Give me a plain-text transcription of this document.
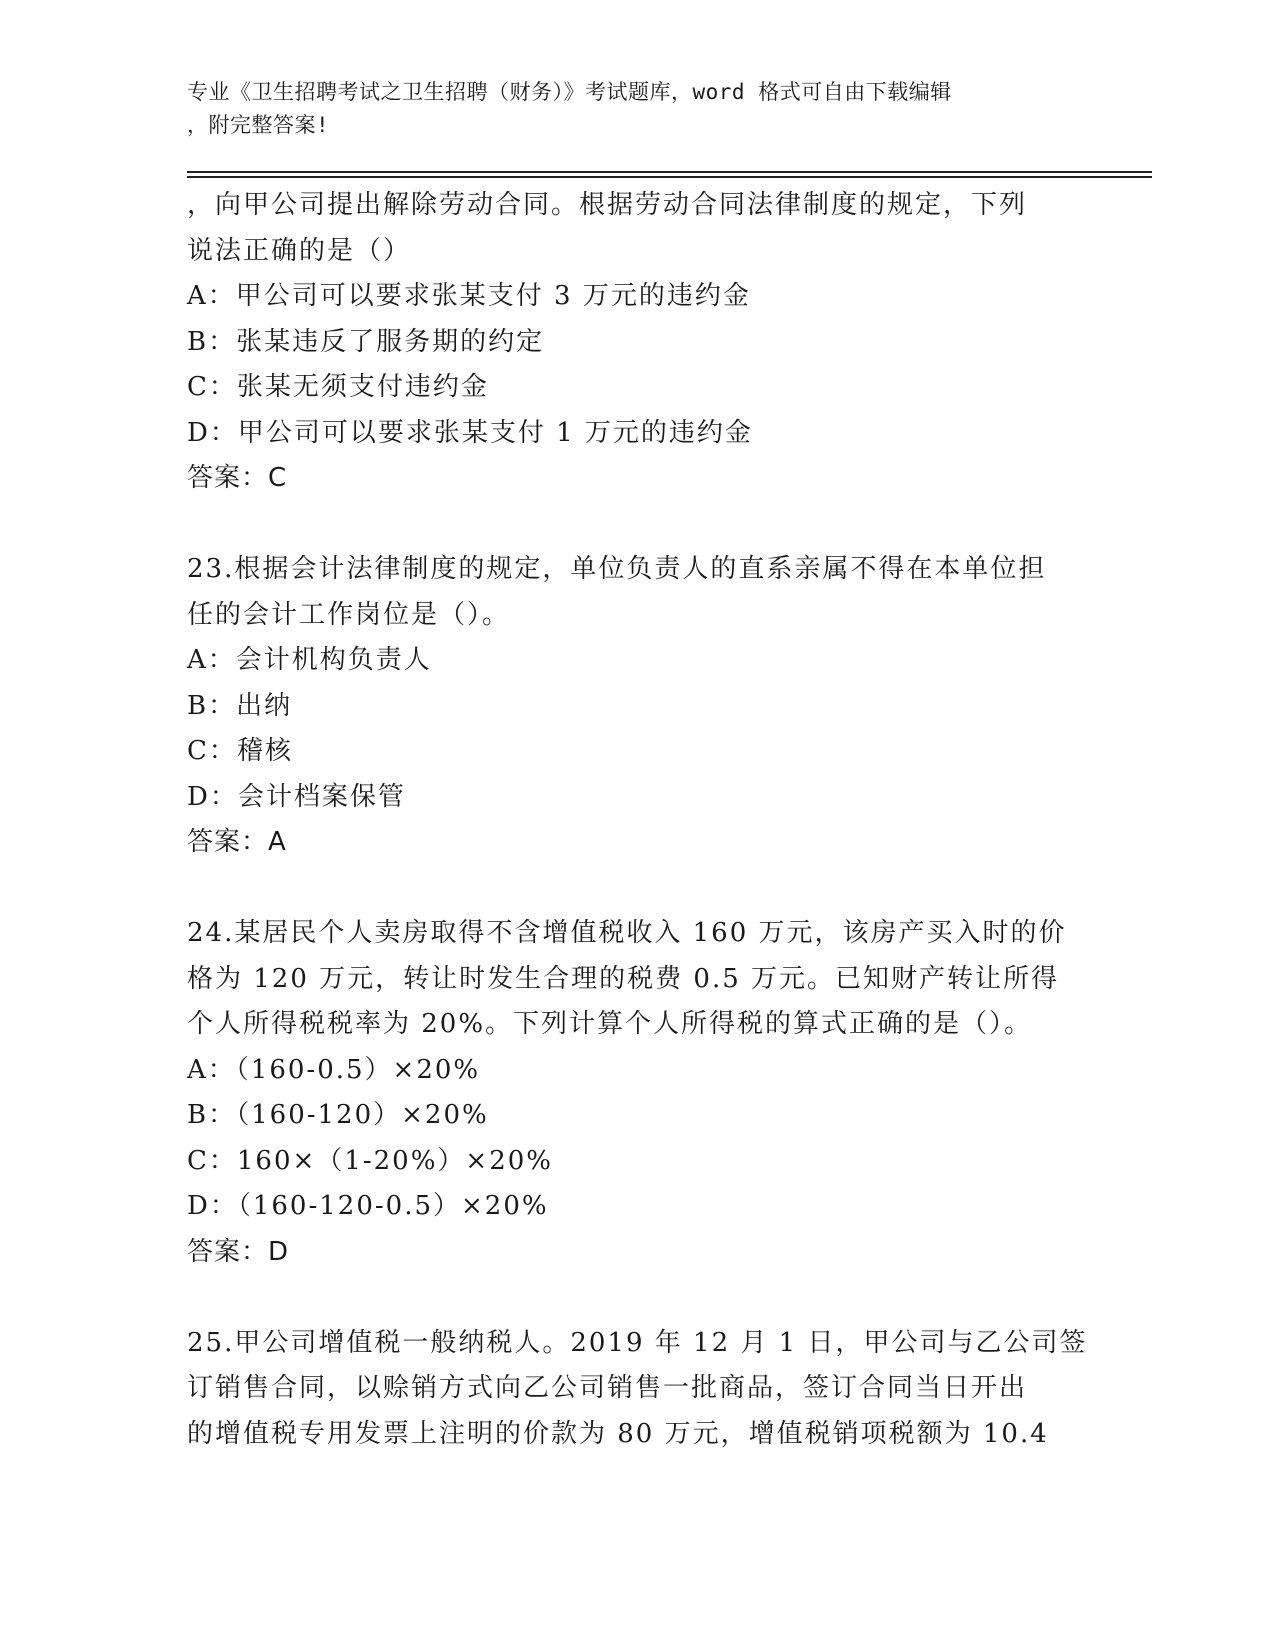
专业《卫生招聘考试之卫生招聘（财务）》考试题库，word 格式可自由下载编辑
，附完整答案!
，向甲公司提出解除劳动合同。根据劳动合同法律制度的规定，下列
说法正确的是（）
A：甲公司可以要求张某支付 3 万元的违约金
B：张某违反了服务期的约定
C：张某无须支付违约金
D：甲公司可以要求张某支付 1 万元的违约金
答案：C
23.根据会计法律制度的规定，单位负责人的直系亲属不得在本单位担
任的会计工作岗位是（）。
A：会计机构负责人
B：出纳
C：稽核
D：会计档案保管
答案：A
24.某居民个人卖房取得不含增值税收入 160 万元，该房产买入时的价
格为 120 万元，转让时发生合理的税费 0.5 万元。已知财产转让所得
个人所得税税率为 20%。下列计算个人所得税的算式正确的是（）。
A：（160-0.5）×20%
B：（160-120）×20%
C：160×（1-20%）×20%
D：（160-120-0.5）×20%
答案：D
25.甲公司增值税一般纳税人。2019 年 12 月 1 日，甲公司与乙公司签
订销售合同，以赊销方式向乙公司销售一批商品，签订合同当日开出
的增值税专用发票上注明的价款为 80 万元，增值税销项税额为 10.4
